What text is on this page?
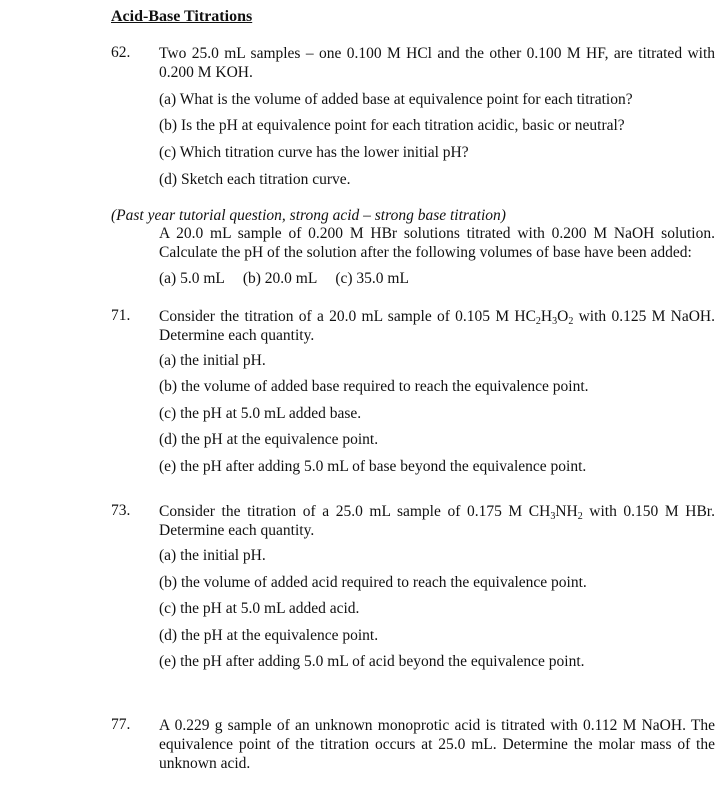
Acid-Base Titrations
62. Two 25.0 mL samples – one 0.100 M HCl and the other 0.100 M HF, are titrated with 0.200 M KOH.
(a) What is the volume of added base at equivalence point for each titration?
(b) Is the pH at equivalence point for each titration acidic, basic or neutral?
(c) Which titration curve has the lower initial pH?
(d) Sketch each titration curve.
(Past year tutorial question, strong acid – strong base titration)
A 20.0 mL sample of 0.200 M HBr solutions titrated with 0.200 M NaOH solution. Calculate the pH of the solution after the following volumes of base have been added:
(a) 5.0 mL (b) 20.0 mL (c) 35.0 mL
71. Consider the titration of a 20.0 mL sample of 0.105 M $HC_2H_3O_2$ with 0.125 M NaOH. Determine each quantity.
(a) the initial pH.
(b) the volume of added base required to reach the equivalence point.
(c) the pH at 5.0 mL added base.
(d) the pH at the equivalence point.
(e) the pH after adding 5.0 mL of base beyond the equivalence point.
73. Consider the titration of a 25.0 mL sample of 0.175 M $CH_3NH_2$ with 0.150 M HBr. Determine each quantity.
(a) the initial pH.
(b) the volume of added acid required to reach the equivalence point.
(c) the pH at 5.0 mL added acid.
(d) the pH at the equivalence point.
(e) the pH after adding 5.0 mL of acid beyond the equivalence point.
77. A 0.229 g sample of an unknown monoprotic acid is titrated with 0.112 M NaOH. The equivalence point of the titration occurs at 25.0 mL. Determine the molar mass of the unknown acid.
